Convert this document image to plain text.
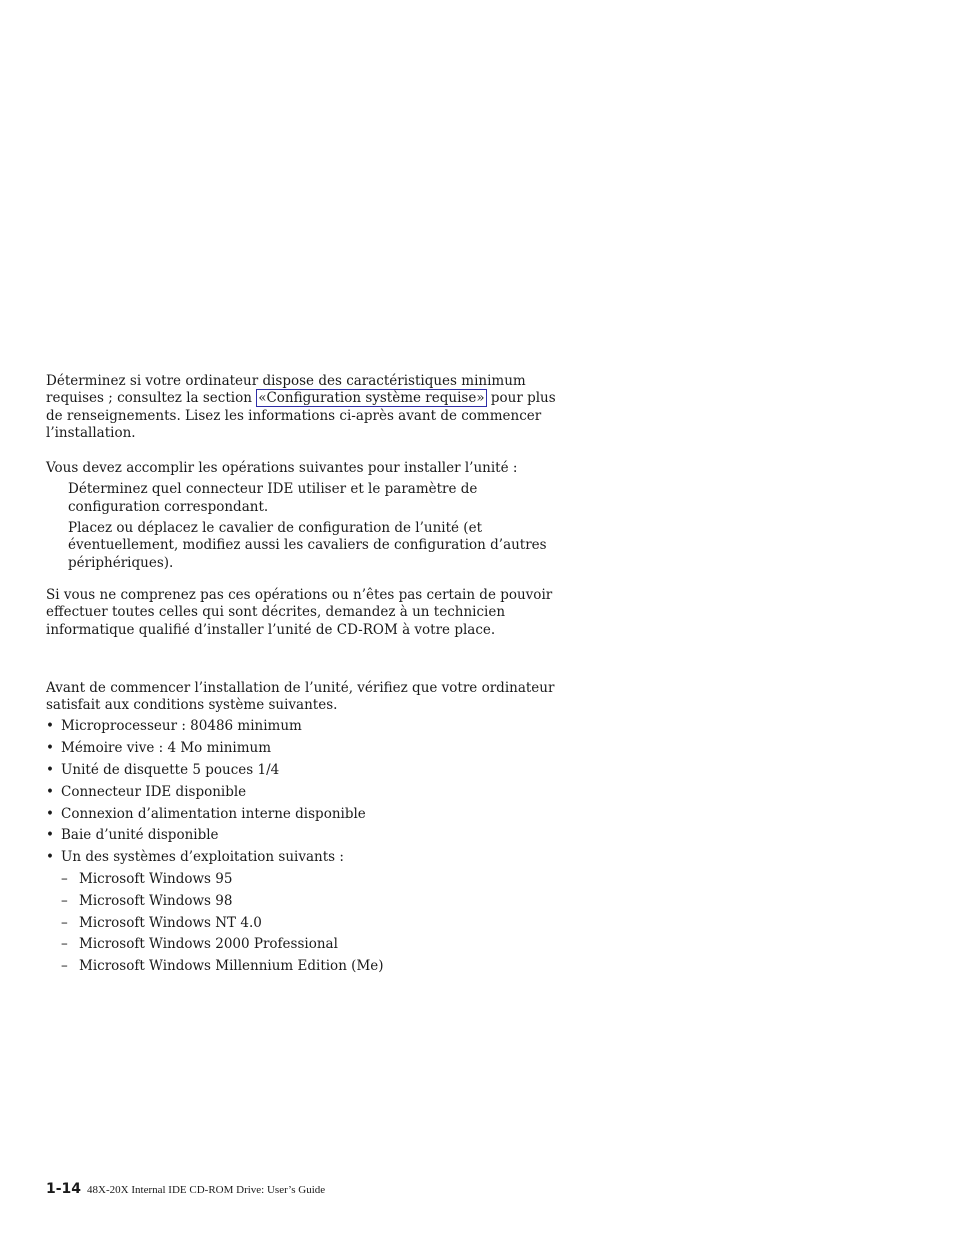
Déterminez si votre ordinateur dispose des caractéristiques minimum requises ; consultez la section «Configuration système requise» pour plus de renseignements. Lisez les informations ci-après avant de commencer l’installation.

Vous devez accomplir les opérations suivantes pour installer l’unité :

Déterminez quel connecteur IDE utiliser et le paramètre de configuration correspondant.

Placez ou déplacez le cavalier de configuration de l’unité (et éventuellement, modifiez aussi les cavaliers de configuration d’autres périphériques).

Si vous ne comprenez pas ces opérations ou n’êtes pas certain de pouvoir effectuer toutes celles qui sont décrites, demandez à un technicien informatique qualifié d’installer l’unité de CD-ROM à votre place.

Avant de commencer l’installation de l’unité, vérifiez que votre ordinateur satisfait aux conditions système suivantes.

• Microprocesseur : 80486 minimum
• Mémoire vive : 4 Mo minimum
• Unité de disquette 5 pouces 1/4
• Connecteur IDE disponible
• Connexion d’alimentation interne disponible
• Baie d’unité disponible
• Un des systèmes d’exploitation suivants :
– Microsoft Windows 95
– Microsoft Windows 98
– Microsoft Windows NT 4.0
– Microsoft Windows 2000 Professional
– Microsoft Windows Millennium Edition (Me)
1-14 48X-20X Internal IDE CD-ROM Drive: User’s Guide
